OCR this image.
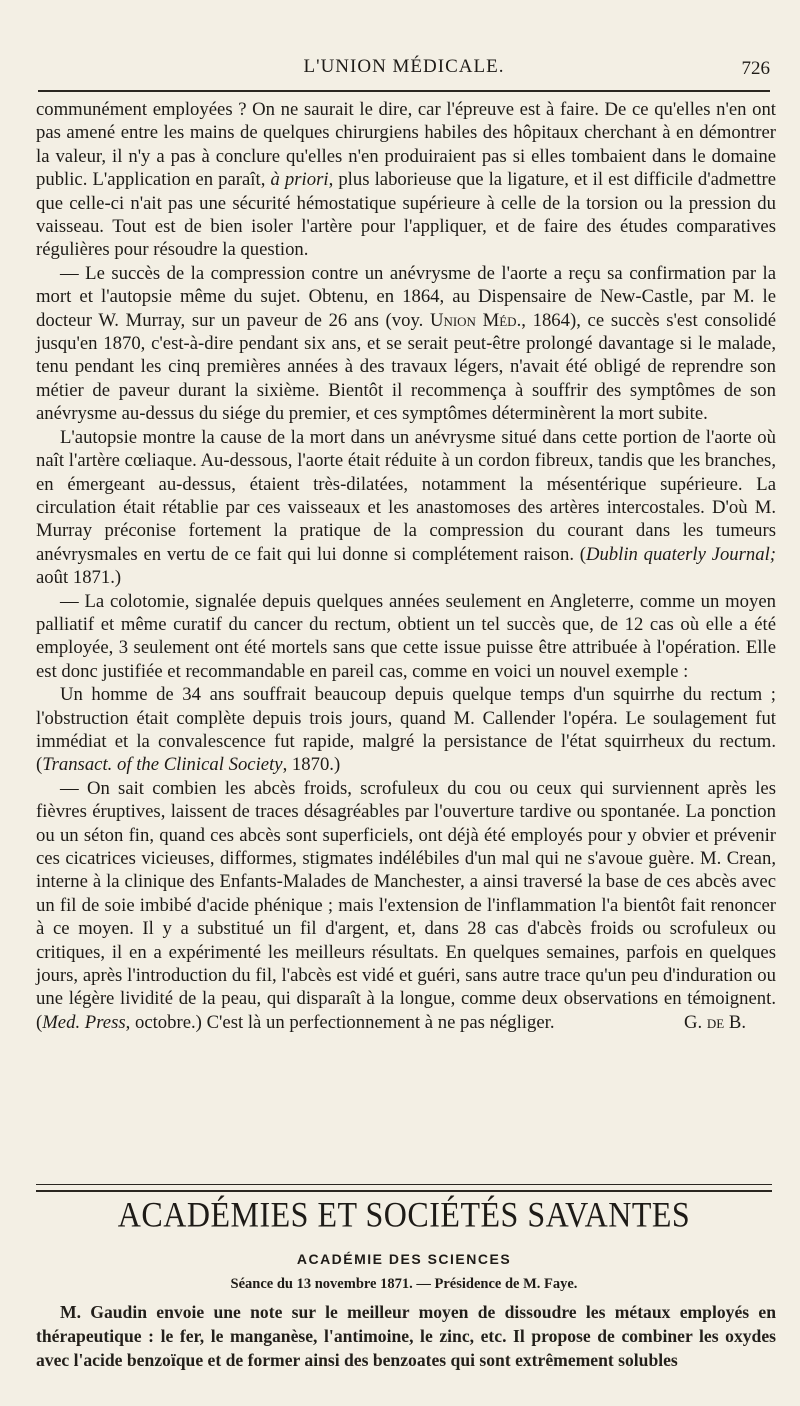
L'UNION MÉDICALE.	726

communément employées ? On ne saurait le dire, car l'épreuve est à faire. De ce qu'elles n'en ont pas amené entre les mains de quelques chirurgiens habiles des hôpitaux cherchant à en démontrer la valeur, il n'y a pas à conclure qu'elles n'en produiraient pas si elles tombaient dans le domaine public. L'application en paraît, à priori, plus laborieuse que la ligature, et il est difficile d'admettre que celle-ci n'ait pas une sécurité hémostatique supérieure à celle de la torsion ou la pression du vaisseau. Tout est de bien isoler l'artère pour l'appliquer, et de faire des études comparatives régulières pour résoudre la question.

— Le succès de la compression contre un anévrysme de l'aorte a reçu sa confirmation par la mort et l'autopsie même du sujet. Obtenu, en 1864, au Dispensaire de New-Castle, par M. le docteur W. Murray, sur un paveur de 26 ans (voy. Union Méd., 1864), ce succès s'est consolidé jusqu'en 1870, c'est-à-dire pendant six ans, et se serait peut-être prolongé davantage si le malade, tenu pendant les cinq premières années à des travaux légers, n'avait été obligé de reprendre son métier de paveur durant la sixième. Bientôt il recommença à souffrir des symptômes de son anévrysme au-dessus du siége du premier, et ces symptômes déterminèrent la mort subite.

L'autopsie montre la cause de la mort dans un anévrysme situé dans cette portion de l'aorte où naît l'artère cœliaque. Au-dessous, l'aorte était réduite à un cordon fibreux, tandis que les branches, en émergeant au-dessus, étaient très-dilatées, notamment la mésentérique supérieure. La circulation était rétablie par ces vaisseaux et les anastomoses des artères intercostales. D'où M. Murray préconise fortement la pratique de la compression du courant dans les tumeurs anévrysmales en vertu de ce fait qui lui donne si complétement raison. (Dublin quaterly Journal; août 1871.)

— La colotomie, signalée depuis quelques années seulement en Angleterre, comme un moyen palliatif et même curatif du cancer du rectum, obtient un tel succès que, de 12 cas où elle a été employée, 3 seulement ont été mortels sans que cette issue puisse être attribuée à l'opération. Elle est donc justifiée et recommandable en pareil cas, comme en voici un nouvel exemple :

Un homme de 34 ans souffrait beaucoup depuis quelque temps d'un squirrhe du rectum ; l'obstruction était complète depuis trois jours, quand M. Callender l'opéra. Le soulagement fut immédiat et la convalescence fut rapide, malgré la persistance de l'état squirrheux du rectum. (Transact. of the Clinical Society, 1870.)

— On sait combien les abcès froids, scrofuleux du cou ou ceux qui surviennent après les fièvres éruptives, laissent de traces désagréables par l'ouverture tardive ou spontanée. La ponction ou un séton fin, quand ces abcès sont superficiels, ont déjà été employés pour y obvier et prévenir ces cicatrices vicieuses, difformes, stigmates indélébiles d'un mal qui ne s'avoue guère. M. Crean, interne à la clinique des Enfants-Malades de Manchester, a ainsi traversé la base de ces abcès avec un fil de soie imbibé d'acide phénique ; mais l'extension de l'inflammation l'a bientôt fait renoncer à ce moyen. Il y a substitué un fil d'argent, et, dans 28 cas d'abcès froids ou scrofuleux ou critiques, il en a expérimenté les meilleurs résultats. En quelques semaines, parfois en quelques jours, après l'introduction du fil, l'abcès est vidé et guéri, sans autre trace qu'un peu d'induration ou une légère lividité de la peau, qui disparaît à la longue, comme deux observations en témoignent. (Med. Press, octobre.) C'est là un perfectionnement à ne pas négliger.	G. de B.

ACADÉMIES ET SOCIÉTÉS SAVANTES
ACADÉMIE DES SCIENCES
Séance du 13 novembre 1871. — Présidence de M. Faye.

M. Gaudin envoie une note sur le meilleur moyen de dissoudre les métaux employés en thérapeutique : le fer, le manganèse, l'antimoine, le zinc, etc. Il propose de combiner les oxydes avec l'acide benzoïque et de former ainsi des benzoates qui sont extrêmement solubles
